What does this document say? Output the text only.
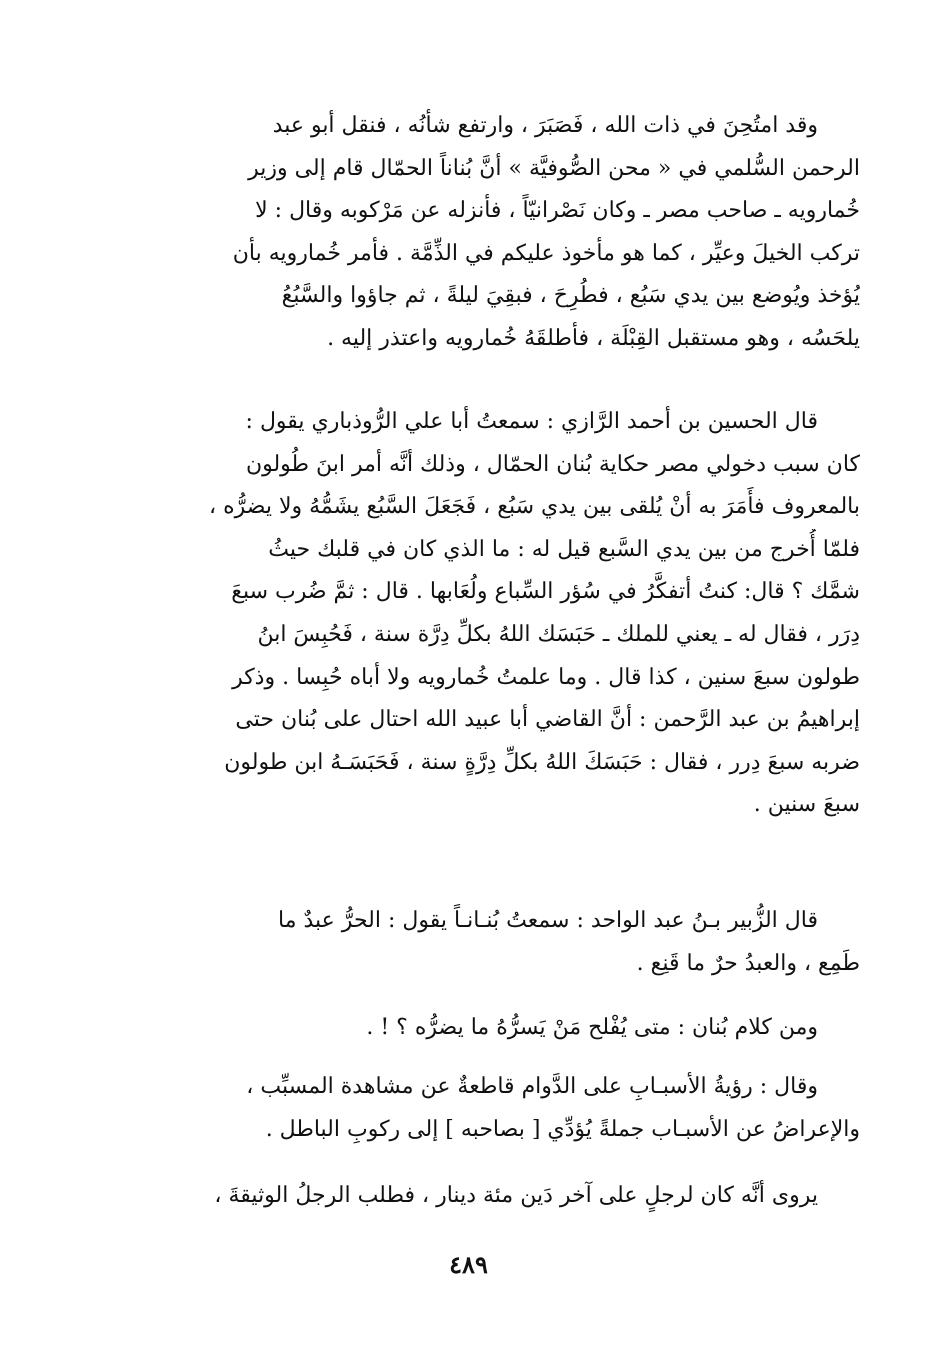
وقد امتُحِنَ في ذات الله ، فَصَبَرَ ، وارتفع شأنُه ، فنقل أبو عبد
الرحمن السُّلمي في « محن الصُّوفيَّة » أنَّ بُناناً الحمّال قام إلى وزير
خُمارويه ـ صاحب مصر ـ وكان نَصْرانيّاً ، فأنزله عن مَرْكوبه وقال : لا
تركب الخيلَ وعيِّر ، كما هو مأخوذ عليكم في الذِّمَّة . فأمر خُمارويه بأن
يُؤخذ ويُوضع بين يدي سَبُع ، فطُرِحَ ، فبقِيَ ليلةً ، ثم جاؤوا والسَّبُعُ
يلحَسُه ، وهو مستقبل القِبْلَة ، فأطلقَهُ خُمارويه واعتذر إليه .
قال الحسين بن أحمد الرَّازي : سمعتُ أبا علي الرُّوذباري يقول :
كان سبب دخولي مصر حكاية بُنان الحمّال ، وذلك أنَّه أمر ابنَ طُولون
بالمعروف فأَمَرَ به أنْ يُلقى بين يدي سَبُع ، فَجَعَلَ السَّبُع يشَمُّهُ ولا يضرُّه ،
فلمّا أُخرج من بين يدي السَّبع قيل له : ما الذي كان في قلبك حيثُ
شمَّك ؟ قال: كنتُ أتفكَّرُ في سُؤر السِّباع ولُعَابها . قال : ثمَّ ضُرب سبعَ
دِرَر ، فقال له ـ يعني للملك ـ حَبَسَك اللهُ بكلِّ دِرَّة سنة ، فَحُبِسَ ابنُ
طولون سبعَ سنين ، كذا قال . وما علمتُ خُمارويه ولا أباه حُبِسا . وذكر
إبراهيمُ بن عبد الرَّحمن : أنَّ القاضي أبا عبيد الله احتال على بُنان حتى
ضربه سبعَ دِرر ، فقال : حَبَسَكَ اللهُ بكلِّ دِرَّةٍ سنة ، فَحَبَسَـهُ ابن طولون
سبعَ سنين .
قال الزُّبير بـنُ عبد الواحد : سمعتُ بُنـانـاً يقول : الحرُّ عبدٌ ما
طَمِع ، والعبدُ حرٌ ما قَنِع .
ومن كلام بُنان : متى يُفْلح مَنْ يَسرُّهُ ما يضرُّه ؟ ! .
وقال : رؤيةُ الأسبـابِ على الدَّوام قاطعةٌ عن مشاهدة المسبِّب ،
والإعراضُ عن الأسبـاب جملةً يُؤدِّي [ بصاحبه ] إلى ركوبِ الباطل .
يروى أنَّه كان لرجلٍ على آخر دَين مئة دينار ، فطلب الرجلُ الوثيقةَ ،
٤٨٩
